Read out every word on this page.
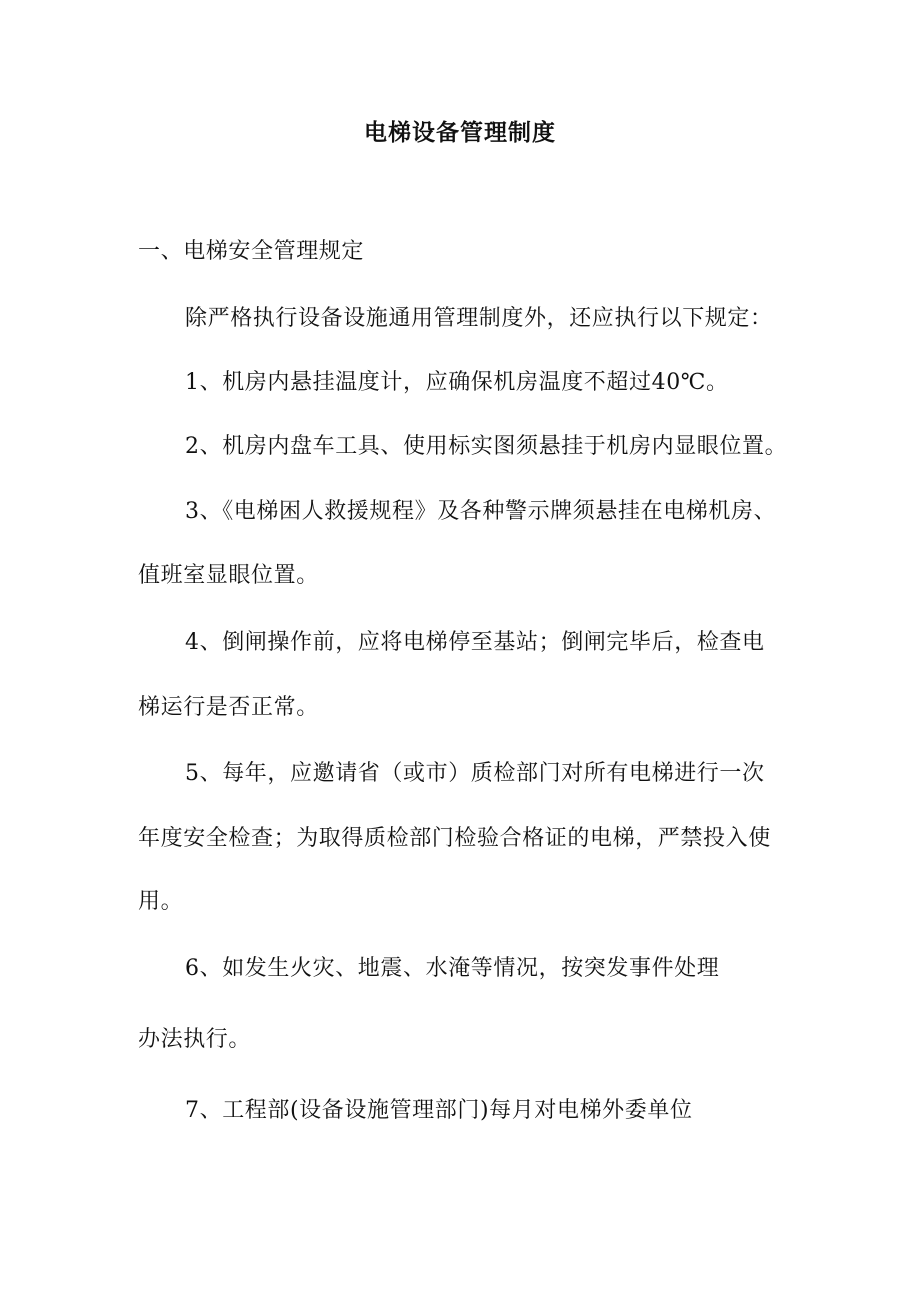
电梯设备管理制度
一、电梯安全管理规定
除严格执行设备设施通用管理制度外，还应执行以下规定：
1、机房内悬挂温度计，应确保机房温度不超过40℃。
2、机房内盘车工具、使用标实图须悬挂于机房内显眼位置。
3、《电梯困人救援规程》及各种警示牌须悬挂在电梯机房、
值班室显眼位置。
4、倒闸操作前，应将电梯停至基站；倒闸完毕后，检查电
梯运行是否正常。
5、每年，应邀请省（或市）质检部门对所有电梯进行一次
年度安全检查；为取得质检部门检验合格证的电梯，严禁投入使
用。
6、如发生火灾、地震、水淹等情况，按突发事件处理
办法执行。
7、工程部(设备设施管理部门)每月对电梯外委单位
